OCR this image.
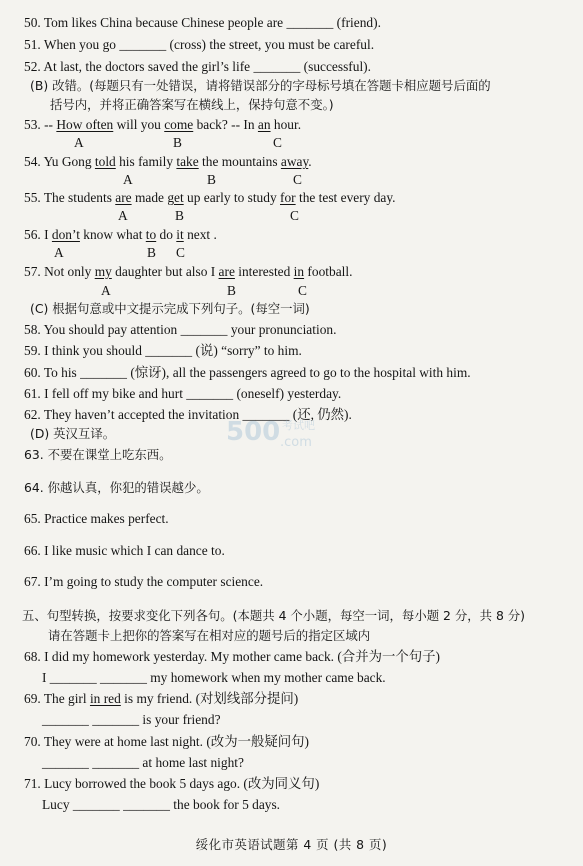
50. Tom likes China because Chinese people are _______ (friend).
51. When you go _______ (cross) the street, you must be careful.
52. At last, the doctors saved the girl’s life _______ (successful).
(B) 改错。(每题只有一处错误，请将错误部分的字母标号填在答题卡相应题号后面的
括号内，并将正确答案写在横线上，保持句意不变。)
53. -- How often will you come back? -- In an hour.
A	B	C
54. Yu Gong told his family take the mountains away.
A	B	C
55. The students are made get up early to study for the test every day.
A	B	C
56. I don’t know what to do it next .
A	B C
57. Not only my daughter but also I are interested in football.
A	B	C
(C) 根据句意或中文提示完成下列句子。(每空一词)
58. You should pay attention _______ your pronunciation.
59. I think you should _______ (说) “sorry” to him.
60. To his _______ (惊讶), all the passengers agreed to go to the hospital with him.
61. I fell off my bike and hurt _______ (oneself) yesterday.
62. They haven’t accepted the invitation _______ (还, 仍然).
(D) 英汉互译。
63. 不要在课堂上吃东西。
64. 你越认真，你犯的错误越少。
65. Practice makes perfect.
66. I like music which I can dance to.
67. I’m going to study the computer science.
五、句型转换，按要求变化下列各句。(本题共 4 个小题，每空一词，每小题 2 分，共 8 分)
请在答题卡上把你的答案写在相对应的题号后的指定区域内
68. I did my homework yesterday. My mother came back. (合并为一个句子)
I _______ _______ my homework when my mother came back.
69. The girl in red is my friend. (对划线部分提问)
_______ _______ is your friend?
70. They were at home last night. (改为一般疑问句)
_______ _______ at home last night?
71. Lucy borrowed the book 5 days ago. (改为同义句)
Lucy _______ _______ the book for 5 days.
绥化市英语试题第 4 页 (共 8 页)
500 考试吧
.com
